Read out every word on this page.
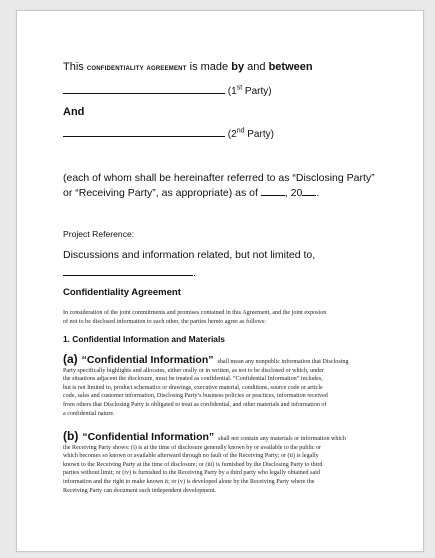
This confidentiality agreement is made by and between
(1st Party)
And
(2nd Party)
(each of whom shall be hereinafter referred to as “Disclosing Party”
or “Receiving Party”, as appropriate) as of	, 20 .
Project Reference:
Discussions and information related, but not limited to,
.
Confidentiality Agreement
In consideration of the joint commitments and promises contained in this Agreement, and the joint exposion
of not to be disclosed information to each other, the parties hereto agree as follows:
1. Confidential Information and Materials
(a) “Confidential Information” shall mean any nonpublic information that Disclosing
Party specifically highlights and allocates, either orally or in written, as not to be disclosed or which, under
the situations adjacent the disclosure, must be treated as confidential. “Confidential Information” includes,
but is not limited to, product schematics or drawings, executive material, conditions, source code or article
code, sales and customer information, Disclosing Party’s business policies or practices, information received
from others that Disclosing Party is obligated to treat as confidential, and other materials and information of
a confidential nature.
(b) “Confidential Information” shall not contain any materials or information which
the Receiving Party shows: (i) is at the time of disclosure generally known by or available to the public or
which becomes so known or available afterward through no fault of the Receiving Party; or (ii) is legally
known to the Receiving Party at the time of disclosure; or (iii) is furnished by the Disclosing Party to third
parties without limit; or (iv) is furnished to the Receiving Party by a third party who legally obtained said
information and the right to make known it; or (v) is developed alone by the Receiving Party where the
Receiving Party can document such independent development.
